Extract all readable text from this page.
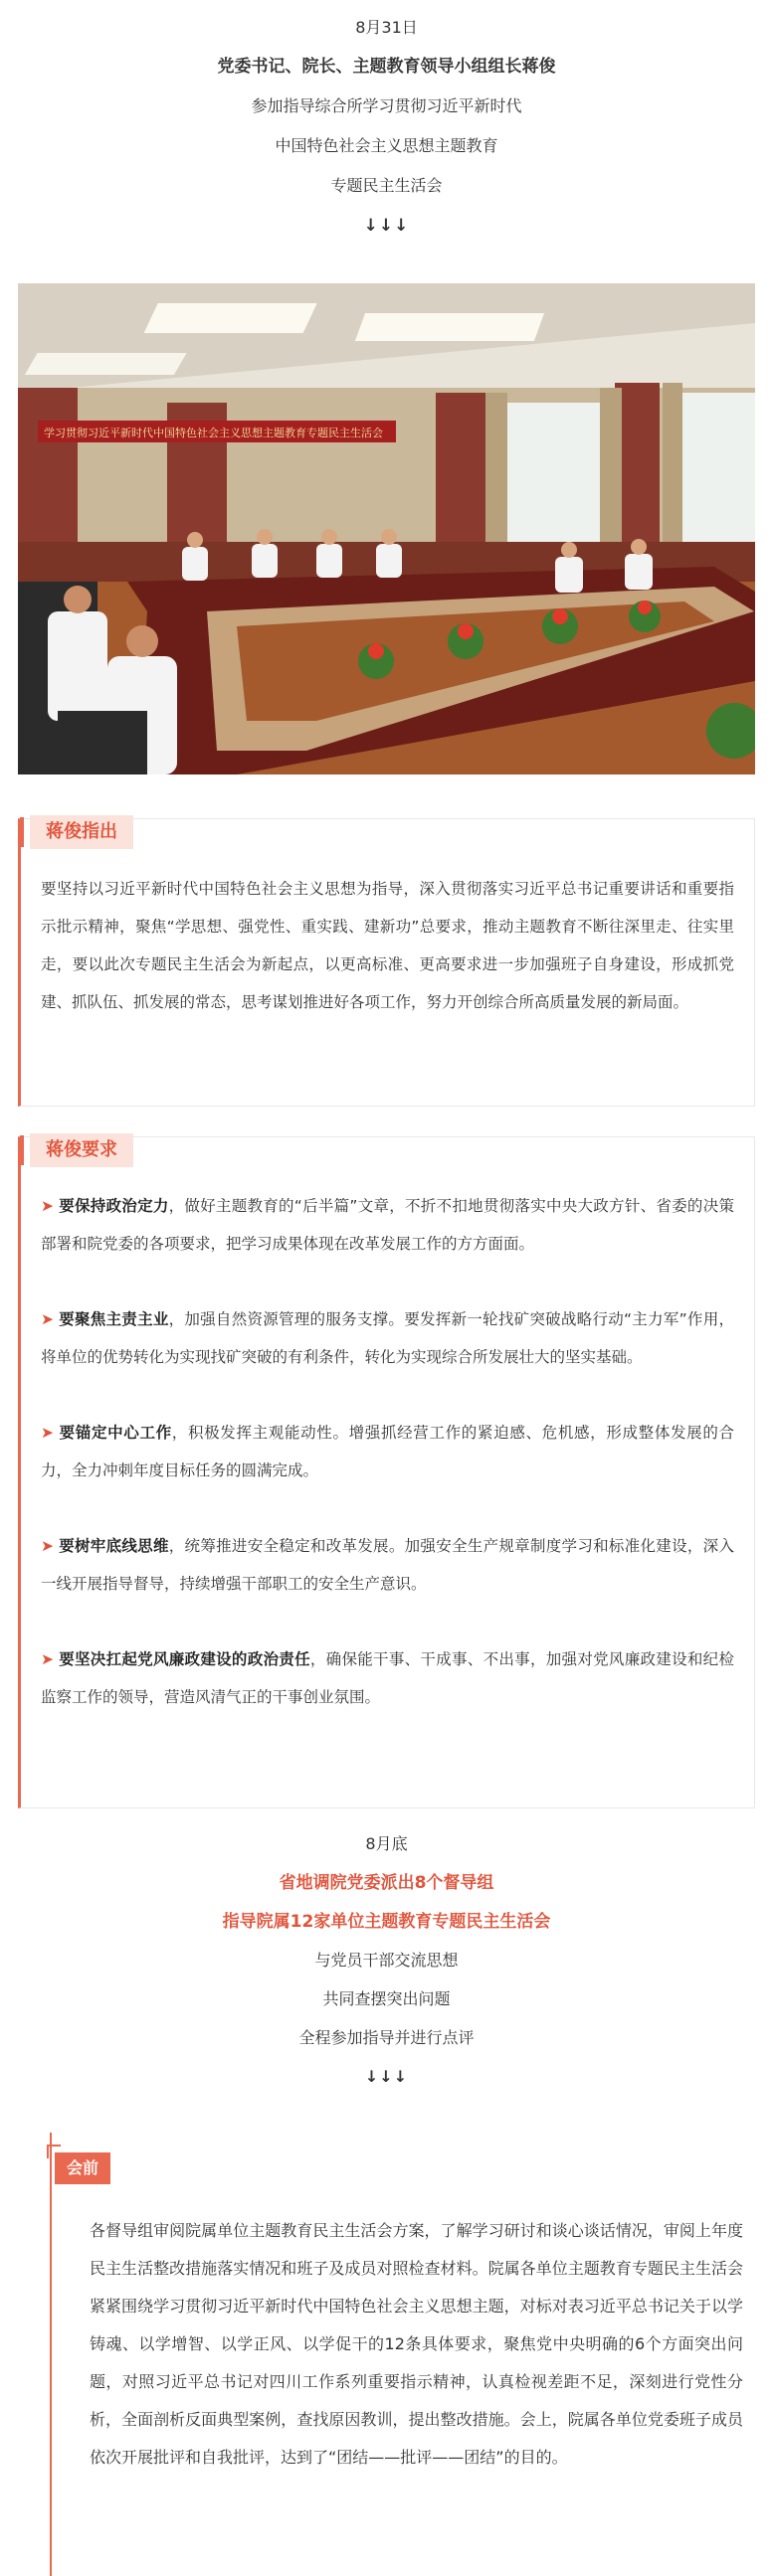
8月31日

党委书记、院长、主题教育领导小组组长蒋俊

参加指导综合所学习贯彻习近平新时代

中国特色社会主义思想主题教育

专题民主生活会

↓↓↓

学习贯彻习近平新时代中国特色社会主义思想主题教育专题民主生活会
蒋俊指出
要坚持以习近平新时代中国特色社会主义思想为指导，深入贯彻落实习近平总书记重要讲话和重要指示批示精神，聚焦“学思想、强党性、重实践、建新功”总要求，推动主题教育不断往深里走、往实里走，要以此次专题民主生活会为新起点，以更高标准、更高要求进一步加强班子自身建设，形成抓党建、抓队伍、抓发展的常态，思考谋划推进好各项工作，努力开创综合所高质量发展的新局面。
蒋俊要求

➤ 要保持政治定力，做好主题教育的“后半篇”文章，不折不扣地贯彻落实中央大政方针、省委的决策部署和院党委的各项要求，把学习成果体现在改革发展工作的方方面面。

➤ 要聚焦主责主业，加强自然资源管理的服务支撑。要发挥新一轮找矿突破战略行动“主力军”作用，将单位的优势转化为实现找矿突破的有利条件，转化为实现综合所发展壮大的坚实基础。

➤ 要锚定中心工作，积极发挥主观能动性。增强抓经营工作的紧迫感、危机感，形成整体发展的合力，全力冲刺年度目标任务的圆满完成。

➤ 要树牢底线思维，统筹推进安全稳定和改革发展。加强安全生产规章制度学习和标准化建设，深入一线开展指导督导，持续增强干部职工的安全生产意识。

➤ 要坚决扛起党风廉政建设的政治责任，确保能干事、干成事、不出事，加强对党风廉政建设和纪检监察工作的领导，营造风清气正的干事创业氛围。

8月底

省地调院党委派出8个督导组

指导院属12家单位主题教育专题民主生活会

与党员干部交流思想

共同查摆突出问题

全程参加指导并进行点评

↓↓↓

会前
各督导组审阅院属单位主题教育民主生活会方案，了解学习研讨和谈心谈话情况，审阅上年度民主生活整改措施落实情况和班子及成员对照检查材料。院属各单位主题教育专题民主生活会紧紧围绕学习贯彻习近平新时代中国特色社会主义思想主题，对标对表习近平总书记关于以学铸魂、以学增智、以学正风、以学促干的12条具体要求，聚焦党中央明确的6个方面突出问题，对照习近平总书记对四川工作系列重要指示精神，认真检视差距不足，深刻进行党性分析，全面剖析反面典型案例，查找原因教训，提出整改措施。会上，院属各单位党委班子成员依次开展批评和自我批评，达到了“团结——批评——团结”的目的。
